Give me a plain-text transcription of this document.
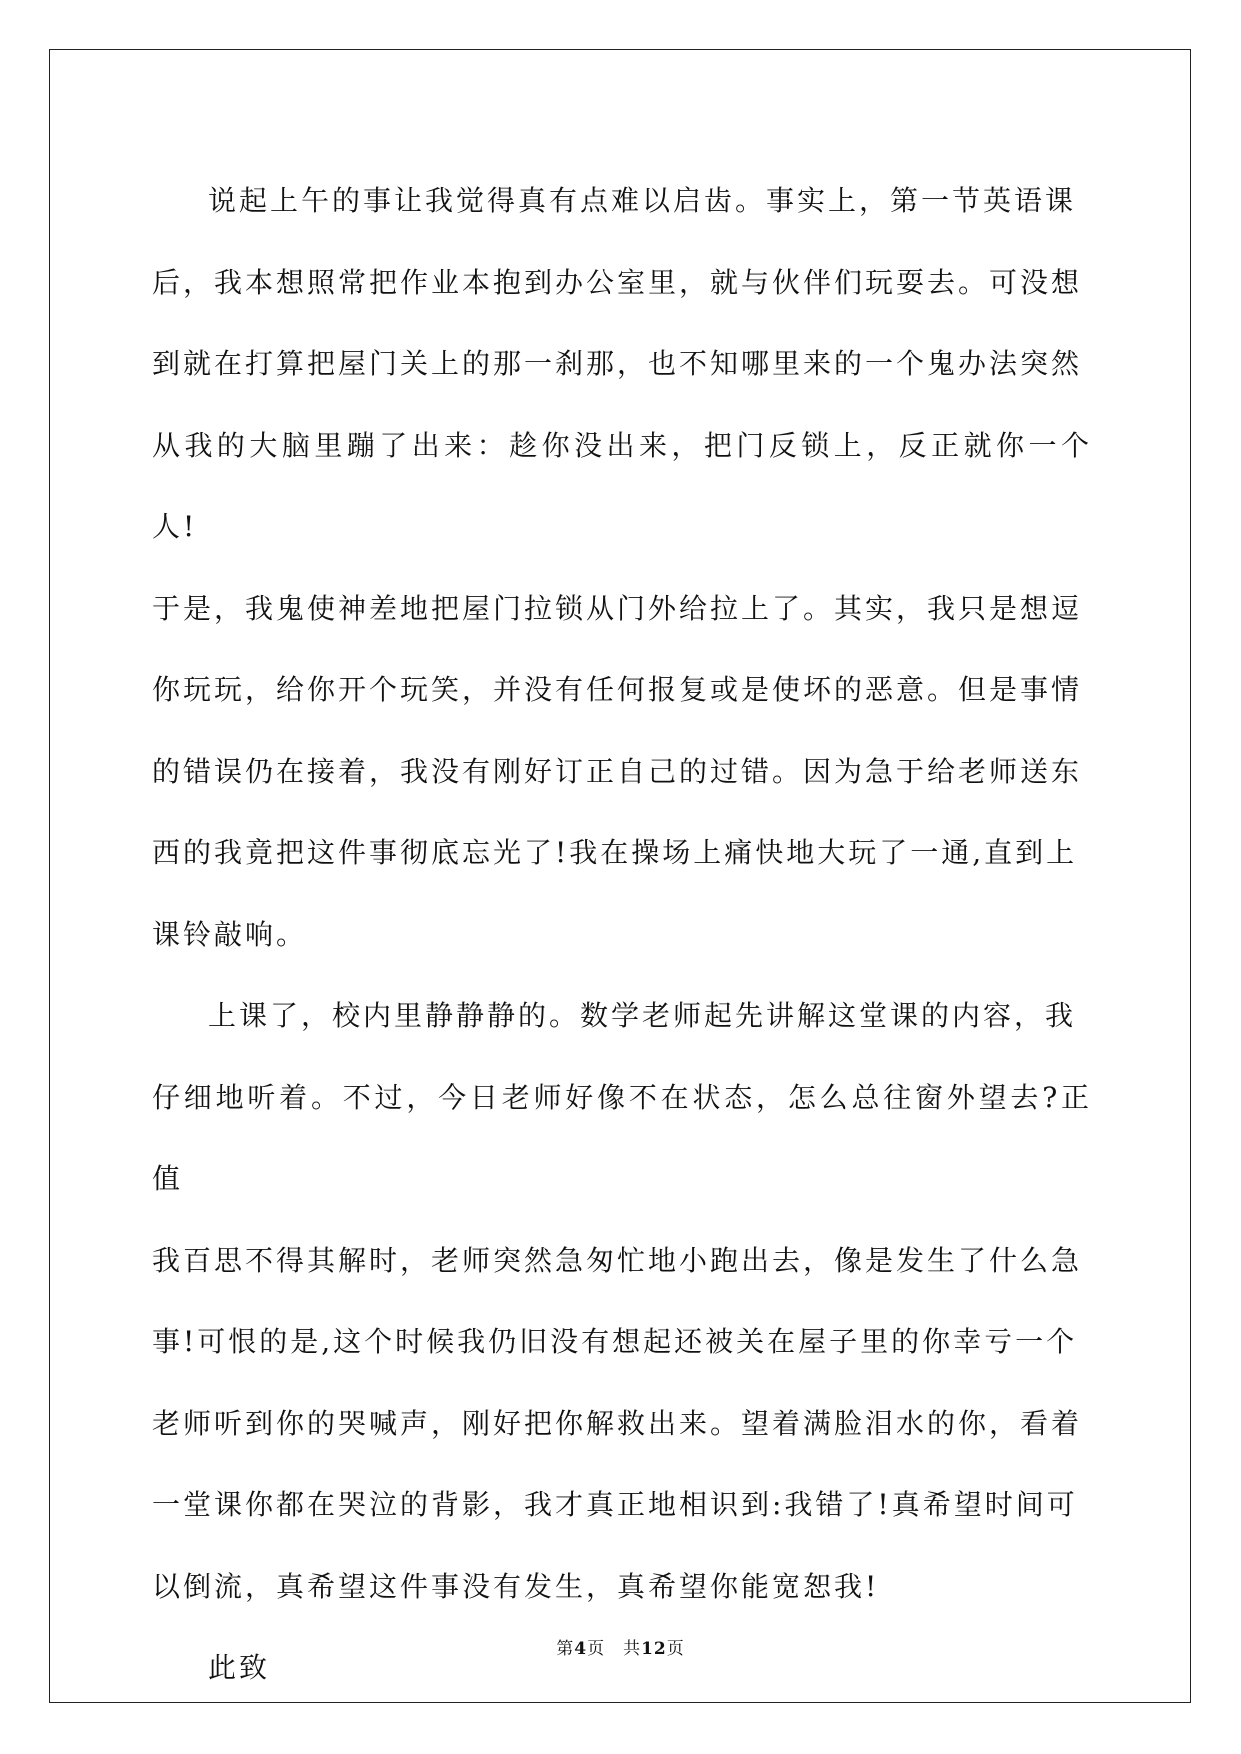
说起上午的事让我觉得真有点难以启齿。事实上，第一节英语课
后，我本想照常把作业本抱到办公室里，就与伙伴们玩耍去。可没想
到就在打算把屋门关上的那一刹那，也不知哪里来的一个鬼办法突然
从我的大脑里蹦了出来：趁你没出来，把门反锁上，反正就你一个人!
于是，我鬼使神差地把屋门拉锁从门外给拉上了。其实，我只是想逗
你玩玩，给你开个玩笑，并没有任何报复或是使坏的恶意。但是事情
的错误仍在接着，我没有刚好订正自己的过错。因为急于给老师送东
西的我竟把这件事彻底忘光了!我在操场上痛快地大玩了一通,直到上
课铃敲响。

上课了，校内里静静静的。数学老师起先讲解这堂课的内容，我
仔细地听着。不过，今日老师好像不在状态，怎么总往窗外望去?正值
我百思不得其解时，老师突然急匆忙地小跑出去，像是发生了什么急
事!可恨的是,这个时候我仍旧没有想起还被关在屋子里的你幸亏一个
老师听到你的哭喊声，刚好把你解救出来。望着满脸泪水的你，看着
一堂课你都在哭泣的背影，我才真正地相识到:我错了!真希望时间可
以倒流，真希望这件事没有发生，真希望你能宽恕我!

此致

第4页　共12页
